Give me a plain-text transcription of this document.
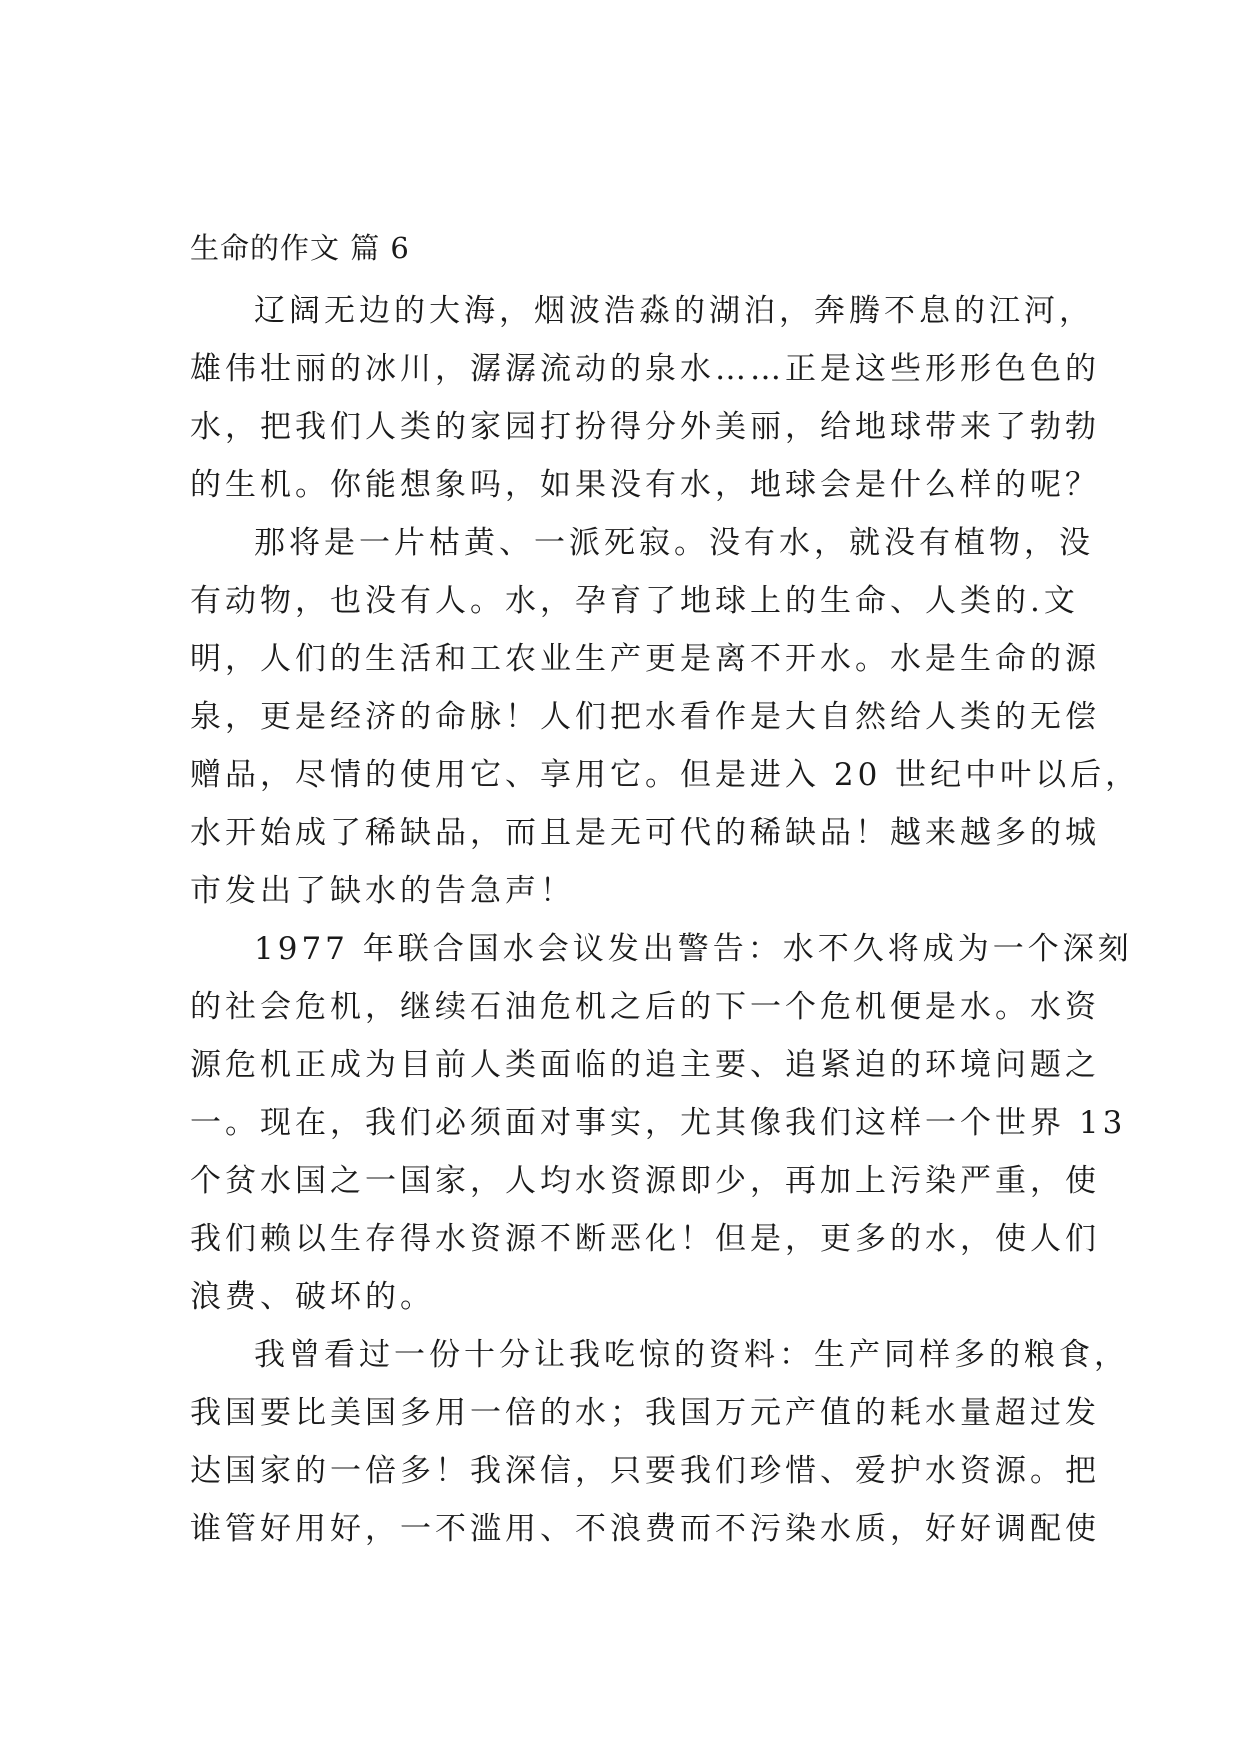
生命的作文 篇 6
辽阔无边的大海，烟波浩淼的湖泊，奔腾不息的江河，
雄伟壮丽的冰川，潺潺流动的泉水……正是这些形形色色的
水，把我们人类的家园打扮得分外美丽，给地球带来了勃勃
的生机。你能想象吗，如果没有水，地球会是什么样的呢？
那将是一片枯黄、一派死寂。没有水，就没有植物，没
有动物，也没有人。水，孕育了地球上的生命、人类的.文
明，人们的生活和工农业生产更是离不开水。水是生命的源
泉，更是经济的命脉！人们把水看作是大自然给人类的无偿
赠品，尽情的使用它、享用它。但是进入 20 世纪中叶以后，
水开始成了稀缺品，而且是无可代的稀缺品！越来越多的城
市发出了缺水的告急声！
1977 年联合国水会议发出警告：水不久将成为一个深刻
的社会危机，继续石油危机之后的下一个危机便是水。水资
源危机正成为目前人类面临的追主要、追紧迫的环境问题之
一。现在，我们必须面对事实，尤其像我们这样一个世界 13
个贫水国之一国家，人均水资源即少，再加上污染严重，使
我们赖以生存得水资源不断恶化！但是，更多的水，使人们
浪费、破坏的。
我曾看过一份十分让我吃惊的资料：生产同样多的粮食，
我国要比美国多用一倍的水；我国万元产值的耗水量超过发
达国家的一倍多！我深信，只要我们珍惜、爱护水资源。把
谁管好用好，一不滥用、不浪费而不污染水质，好好调配使
